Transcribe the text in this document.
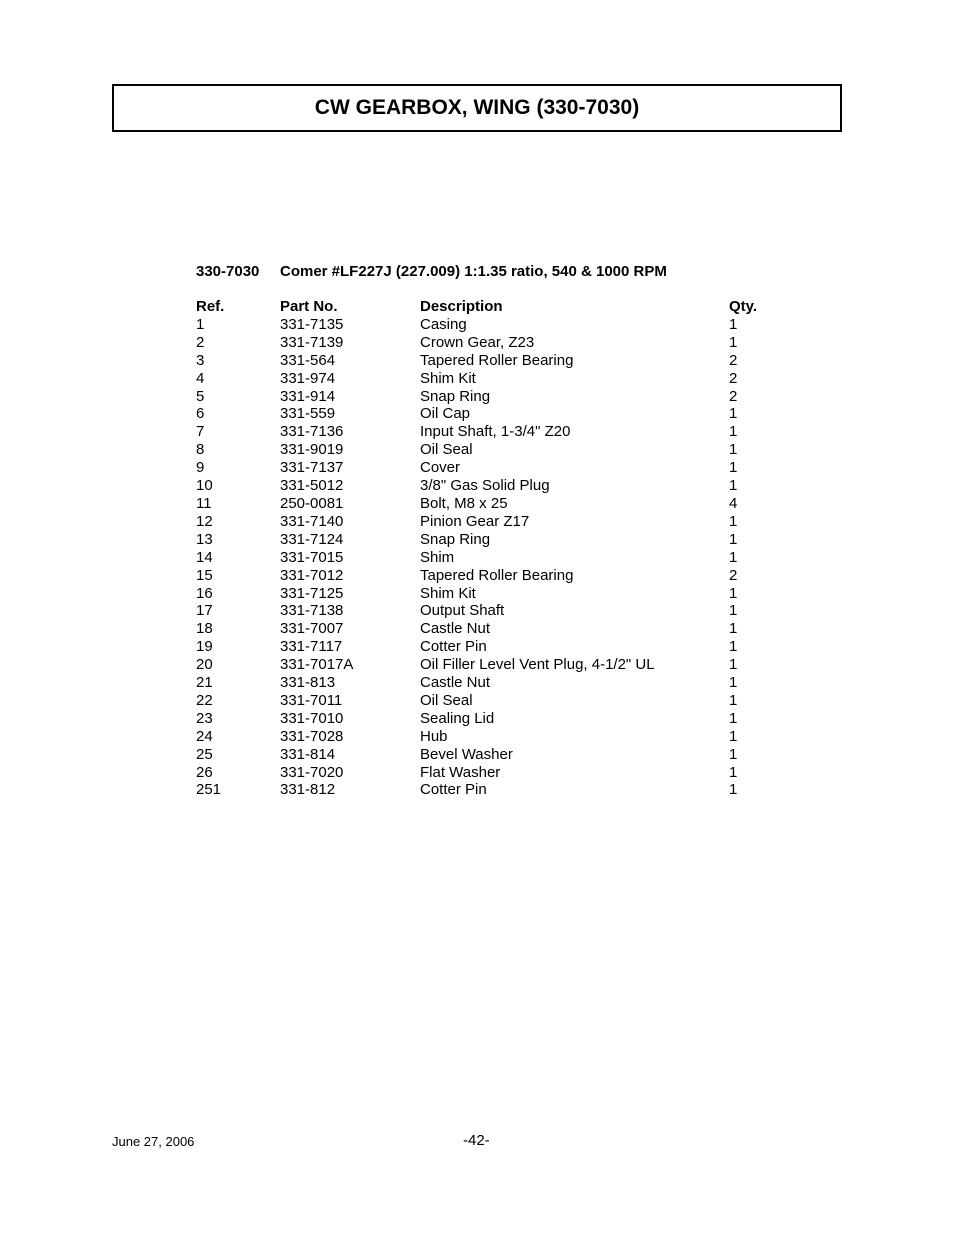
CW GEARBOX, WING (330-7030)
330-7030 Comer #LF227J (227.009) 1:1.35 ratio, 540 & 1000 RPM
Ref.	Part No.	Description	Qty.
1	331-7135	Casing	1
2	331-7139	Crown Gear, Z23	1
3	331-564	Tapered Roller Bearing	2
4	331-974	Shim Kit	2
5	331-914	Snap Ring	2
6	331-559	Oil Cap	1
7	331-7136	Input Shaft, 1-3/4" Z20	1
8	331-9019	Oil Seal	1
9	331-7137	Cover	1
10	331-5012	3/8" Gas Solid Plug	1
11	250-0081	Bolt, M8 x 25	4
12	331-7140	Pinion Gear Z17	1
13	331-7124	Snap Ring	1
14	331-7015	Shim	1
15	331-7012	Tapered Roller Bearing	2
16	331-7125	Shim Kit	1
17	331-7138	Output Shaft	1
18	331-7007	Castle Nut	1
19	331-7117	Cotter Pin	1
20	331-7017A	Oil Filler Level Vent Plug, 4-1/2" UL	1
21	331-813	Castle Nut	1
22	331-7011	Oil Seal	1
23	331-7010	Sealing Lid	1
24	331-7028	Hub	1
25	331-814	Bevel Washer	1
26	331-7020	Flat Washer	1
251	331-812	Cotter Pin	1
June 27, 2006	-42-
